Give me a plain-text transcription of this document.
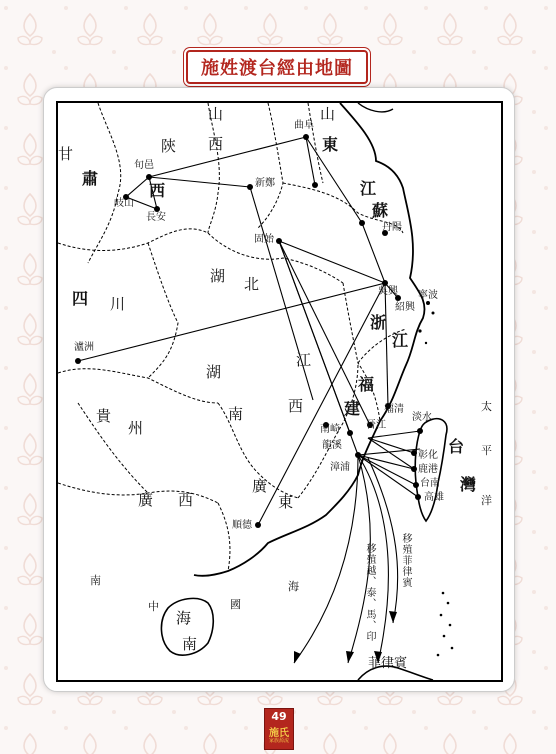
施姓渡台經由地圖
甘
肅
陝
西
山
西
山
東
江
蘇
四 川
湖 北
浙
江
江
西
湖
南
福
建
貴
州
廣 西
廣
東
台
灣
海
南
曲阜
旬邑
新鄭
岐山
長安
丹陽
固始
吳興
紹興
寧波
瀘洲
福清
淡水
南崎	晉江
龍溪
彰化
鹿港
漳浦
台南
高雄
順德
太
平
洋
南
中	國
海	移殖菲律賓
移殖越、泰、馬、印
菲律賓
49
施氏
家族源流
